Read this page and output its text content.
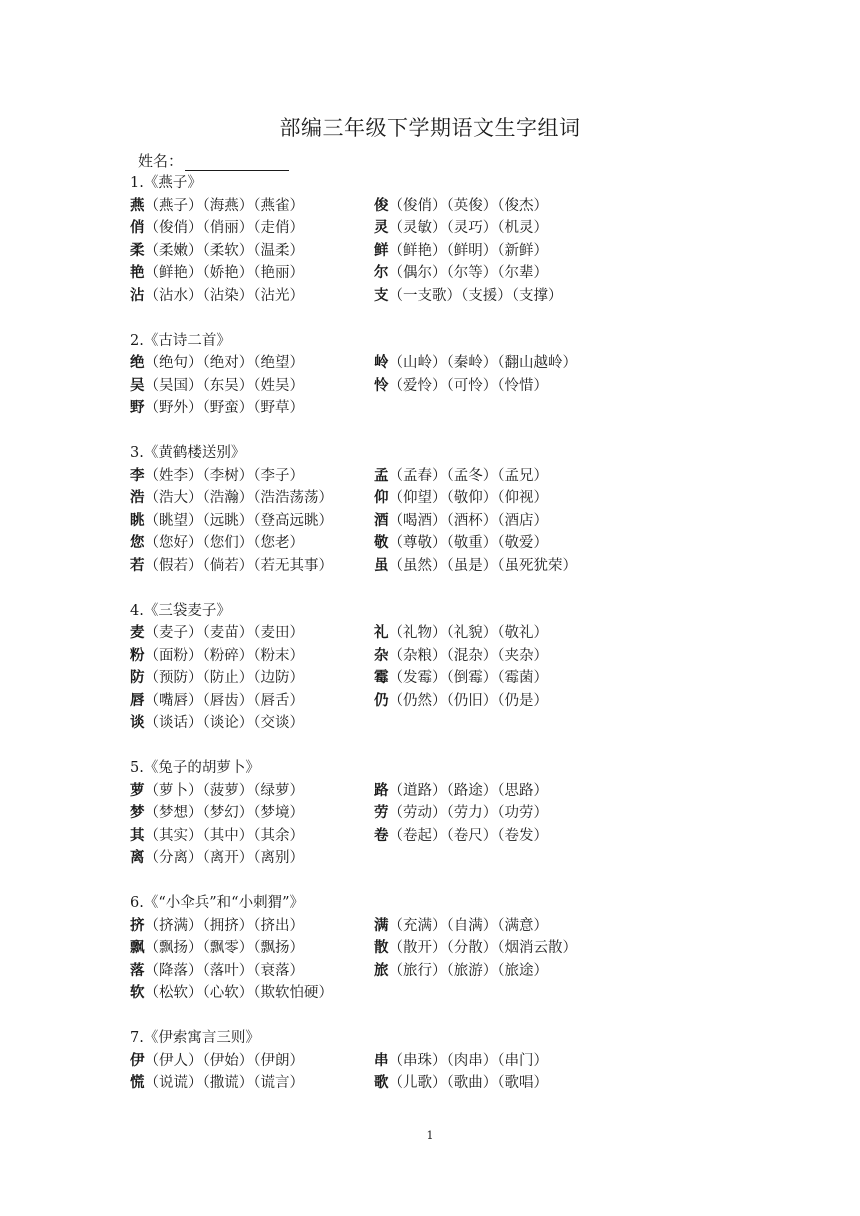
部编三年级下学期语文生字组词
姓名：
1.《燕子》
燕（燕子）（海燕）（燕雀）	俊（俊俏）（英俊）（俊杰）
俏（俊俏）（俏丽）（走俏）	灵（灵敏）（灵巧）（机灵）
柔（柔嫩）（柔软）（温柔）	鲜（鲜艳）（鲜明）（新鲜）
艳（鲜艳）（娇艳）（艳丽）	尔（偶尔）（尔等）（尔辈）
沾（沾水）（沾染）（沾光）	支（一支歌）（支援）（支撑）
2.《古诗二首》
绝（绝句）（绝对）（绝望）	岭（山岭）（秦岭）（翻山越岭）
吴（吴国）（东吴）（姓吴）	怜（爱怜）（可怜）（怜惜）
野（野外）（野蛮）（野草）
3.《黄鹤楼送别》
李（姓李）（李树）（李子）	孟（孟春）（孟冬）（孟兄）
浩（浩大）（浩瀚）（浩浩荡荡）	仰（仰望）（敬仰）（仰视）
眺（眺望）（远眺）（登高远眺）	酒（喝酒）（酒杯）（酒店）
您（您好）（您们）（您老）	敬（尊敬）（敬重）（敬爱）
若（假若）（倘若）（若无其事）	虽（虽然）（虽是）（虽死犹荣）
4.《三袋麦子》
麦（麦子）（麦苗）（麦田）	礼（礼物）（礼貌）（敬礼）
粉（面粉）（粉碎）（粉末）	杂（杂粮）（混杂）（夹杂）
防（预防）（防止）（边防）	霉（发霉）（倒霉）（霉菌）
唇（嘴唇）（唇齿）（唇舌）	仍（仍然）（仍旧）（仍是）
谈（谈话）（谈论）（交谈）
5.《兔子的胡萝卜》
萝（萝卜）（菠萝）（绿萝）	路（道路）（路途）（思路）
梦（梦想）（梦幻）（梦境）	劳（劳动）（劳力）（功劳）
其（其实）（其中）（其余）	卷（卷起）（卷尺）（卷发）
离（分离）（离开）（离别）
6.《“小伞兵”和“小刺猬”》
挤（挤满）（拥挤）（挤出）	满（充满）（自满）（满意）
飘（飘扬）（飘零）（飘扬）	散（散开）（分散）（烟消云散）
落（降落）（落叶）（衰落）	旅（旅行）（旅游）（旅途）
软（松软）（心软）（欺软怕硬）
7.《伊索寓言三则》
伊（伊人）（伊始）（伊朗）	串（串珠）（肉串）（串门）
慌（说谎）（撒谎）（谎言）	歌（儿歌）（歌曲）（歌唱）
1
